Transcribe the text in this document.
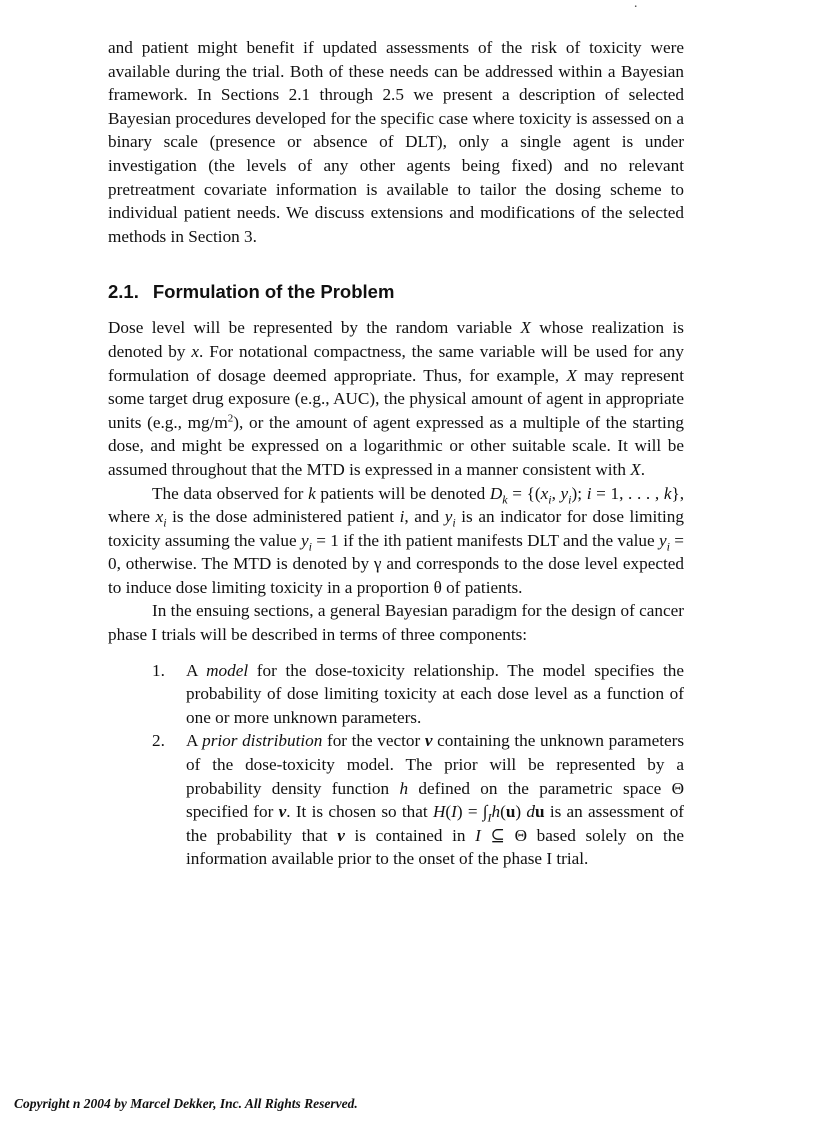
·

and patient might benefit if updated assessments of the risk of toxicity were available during the trial. Both of these needs can be addressed within a Bayesian framework. In Sections 2.1 through 2.5 we present a description of selected Bayesian procedures developed for the specific case where toxicity is assessed on a binary scale (presence or absence of DLT), only a single agent is under investigation (the levels of any other agents being fixed) and no relevant pretreatment covariate information is available to tailor the dosing scheme to individual patient needs. We discuss extensions and modifications of the selected methods in Section 3.

2.1. Formulation of the Problem

Dose level will be represented by the random variable X whose realization is denoted by x. For notational compactness, the same variable will be used for any formulation of dosage deemed appropriate. Thus, for example, X may represent some target drug exposure (e.g., AUC), the physical amount of agent in appropriate units (e.g., $mg/m^2$), or the amount of agent expressed as a multiple of the starting dose, and might be expressed on a logarithmic or other suitable scale. It will be assumed throughout that the MTD is expressed in a manner consistent with X.

The data observed for k patients will be denoted $D_k = \{(x_i$, $y_i$); i = 1, . . . , k}, where $x_i$ is the dose administered patient i, and $y_i$ is an indicator for dose limiting toxicity assuming the value $y_i = 1$ if the ith patient manifests DLT and the value $y_i = 0$, otherwise. The MTD is denoted by γ and corresponds to the dose level expected to induce dose limiting toxicity in a proportion θ of patients.

In the ensuing sections, a general Bayesian paradigm for the design of cancer phase I trials will be described in terms of three components:

1. A model for the dose-toxicity relationship. The model specifies the probability of dose limiting toxicity at each dose level as a function of one or more unknown parameters.
2. A prior distribution for the vector ν containing the unknown parameters of the dose-toxicity model. The prior will be represented by a probability density function h defined on the parametric space Θ specified for ν. It is chosen so that $H(I) = \int_Ih(u)$ du is an assessment of the probability that ν is contained in I ⊆ Θ based solely on the information available prior to the onset of the phase I trial.
Copyright n 2004 by Marcel Dekker, Inc. All Rights Reserved.
